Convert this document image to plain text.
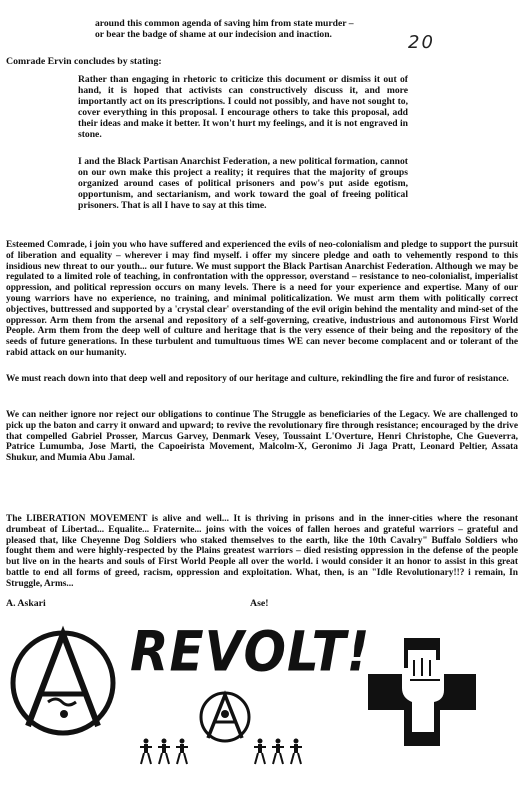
around this common agenda of saving him from state murder –
or bear the badge of shame at our indecision and inaction.	20

Comrade Ervin concludes by stating:

Rather than engaging in rhetoric to criticize this document or dismiss it out of hand, it is hoped that activists can constructively discuss it, and more importantly act on its prescriptions. I could not possibly, and have not sought to, cover everything in this proposal. I encourage others to take this proposal, add their ideas and make it better. It won't hurt my feelings, and it is not engraved in stone.

I and the Black Partisan Anarchist Federation, a new political formation, cannot on our own make this project a reality; it requires that the majority of groups organized around cases of political prisoners and pow's put aside egotism, opportunism, and sectarianism, and work toward the goal of freeing political prisoners. That is all I have to say at this time.

Esteemed Comrade, i join you who have suffered and experienced the evils of neo-colonialism and pledge to support the pursuit of liberation and equality – wherever i may find myself. i offer my sincere pledge and oath to vehemently respond to this insidious new threat to our youth... our future. We must support the Black Partisan Anarchist Federation. Although we may be regulated to a limited role of teaching, in confrontation with the oppressor, overstand – resistance to neo-colonialist, imperialist oppression, and political repression occurs on many levels. There is a need for your experience and expertise. Many of our young warriors have no experience, no training, and minimal politicalization. We must arm them with politically correct objectives, buttressed and supported by a 'crystal clear' overstanding of the evil origin behind the mentality and mind-set of the oppressor. Arm them from the arsenal and repository of a self-governing, creative, industrious and autonomous First World People. Arm them from the deep well of culture and heritage that is the very essence of their being and the repository of the seeds of future generations. In these turbulent and tumultuous times WE can never become complacent and or tolerant of the rabid attack on our humanity.

We must reach down into that deep well and repository of our heritage and culture, rekindling the fire and furor of resistance.

We can neither ignore nor reject our obligations to continue The Struggle as beneficiaries of the Legacy. We are challenged to pick up the baton and carry it onward and upward; to revive the revolutionary fire through resistance; encouraged by the drive that compelled Gabriel Prosser, Marcus Garvey, Denmark Vesey, Toussaint L'Overture, Henri Christophe, Che Gueverra, Patrice Lumumba, Jose Marti, the Capoeirista Movement, Malcolm-X, Geronimo Ji Jaga Pratt, Leonard Peltier, Assata Shukur, and Mumia Abu Jamal.

The LIBERATION MOVEMENT is alive and well... It is thriving in prisons and in the inner-cities where the resonant drumbeat of Libertad... Equalite... Fraternite... joins with the voices of fallen heroes and grateful warriors – grateful and pleased that, like Cheyenne Dog Soldiers who staked themselves to the earth, like the 10th Cavalry" Buffalo Soldiers who fought them and were highly-respected by the Plains greatest warriors – died resisting oppression in the defense of the people but live on in the hearts and souls of First World People all over the world. i would consider it an honor to assist in this great battle to end all forms of greed, racism, oppression and exploitation. What, then, is an "Idle Revolutionary!!? i remain, In Struggle, Arms...

A. Askari	Ase!
REVOLT!
